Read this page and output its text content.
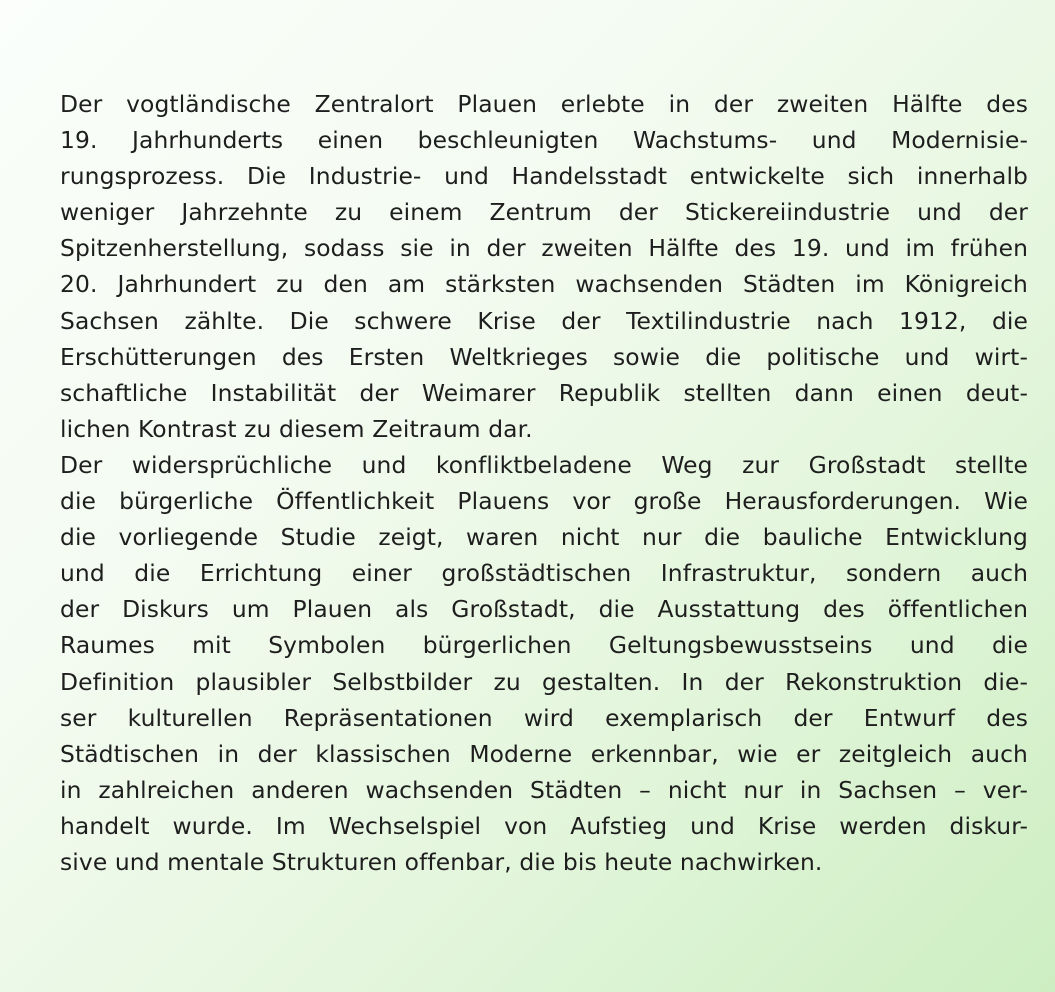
Der vogtländische Zentralort Plauen erlebte in der zweiten Hälfte des
19. Jahrhunderts einen beschleunigten Wachstums- und Modernisie-
rungsprozess. Die Industrie- und Handelsstadt entwickelte sich innerhalb
weniger Jahrzehnte zu einem Zentrum der Stickereiindustrie und der
Spitzenherstellung, sodass sie in der zweiten Hälfte des 19. und im frühen
20. Jahrhundert zu den am stärksten wachsenden Städten im Königreich
Sachsen zählte. Die schwere Krise der Textilindustrie nach 1912, die
Erschütterungen des Ersten Weltkrieges sowie die politische und wirt-
schaftliche Instabilität der Weimarer Republik stellten dann einen deut-
lichen Kontrast zu diesem Zeitraum dar.
Der widersprüchliche und konfliktbeladene Weg zur Großstadt stellte
die bürgerliche Öffentlichkeit Plauens vor große Herausforderungen. Wie
die vorliegende Studie zeigt, waren nicht nur die bauliche Entwicklung
und die Errichtung einer großstädtischen Infrastruktur, sondern auch
der Diskurs um Plauen als Großstadt, die Ausstattung des öffentlichen
Raumes mit Symbolen bürgerlichen Geltungsbewusstseins und die
Definition plausibler Selbstbilder zu gestalten. In der Rekonstruktion die-
ser kulturellen Repräsentationen wird exemplarisch der Entwurf des
Städtischen in der klassischen Moderne erkennbar, wie er zeitgleich auch
in zahlreichen anderen wachsenden Städten – nicht nur in Sachsen – ver-
handelt wurde. Im Wechselspiel von Aufstieg und Krise werden diskur-
sive und mentale Strukturen offenbar, die bis heute nachwirken.
